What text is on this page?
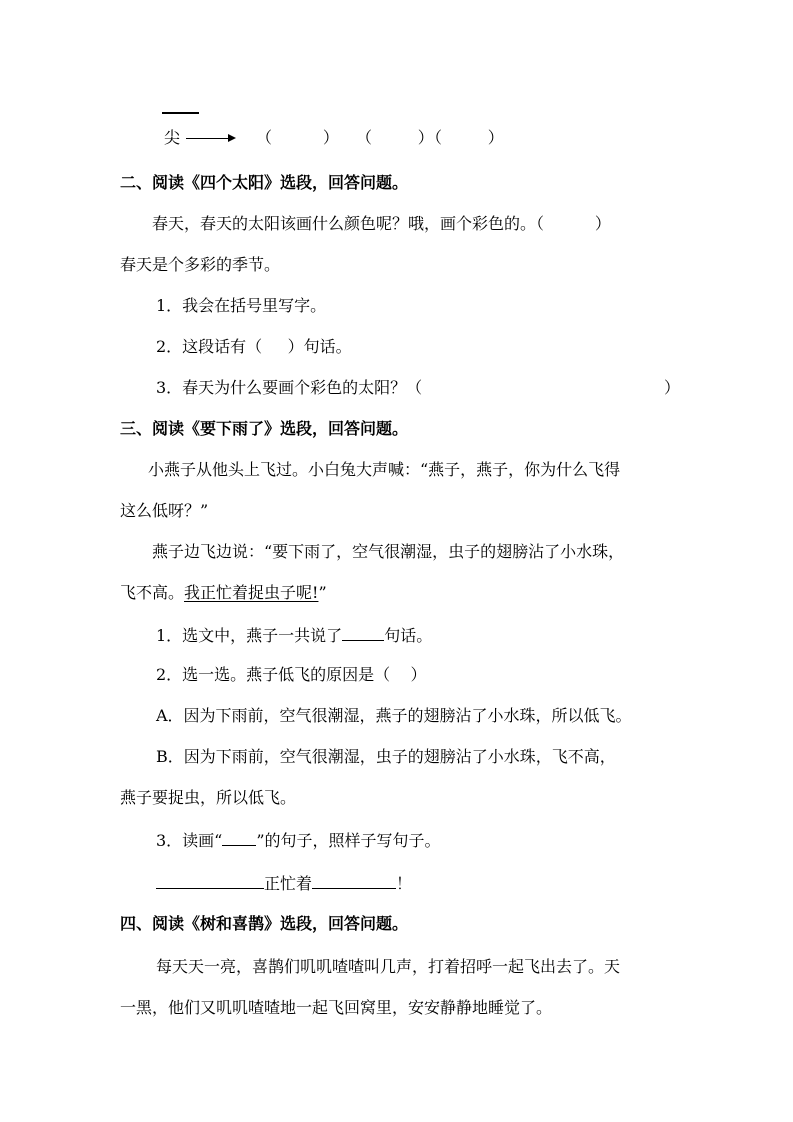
尖	（          ） （         ）
（         ）
二、阅读《四个太阳》选段，回答问题。
春天，春天的太阳该画什么颜色呢？哦，画个彩色的。（          ）
春天是个多彩的季节。
1．我会在括号里写字。
2．这段话有（     ）句话。
3．春天为什么要画个彩色的太阳？（	）
三、阅读《要下雨了》选段，回答问题。
小燕子从他头上飞过。小白兔大声喊：“燕子，燕子，你为什么飞得
这么低呀？”
燕子边飞边说：“要下雨了，空气很潮湿，虫子的翅膀沾了小水珠，
飞不高。我正忙着捉虫子呢!”
1．选文中，燕子一共说了	句话。
2．选一选。燕子低飞的原因是（    ）
A．因为下雨前，空气很潮湿，燕子的翅膀沾了小水珠，所以低飞。
B．因为下雨前，空气很潮湿，虫子的翅膀沾了小水珠，飞不高，
燕子要捉虫，所以低飞。
3．读画“ ”的句子，照样子写句子。
正忙着	！
四、阅读《树和喜鹊》选段，回答问题。
每天天一亮，喜鹊们叽叽喳喳叫几声，打着招呼一起飞出去了。天
一黑，他们又叽叽喳喳地一起飞回窝里，安安静静地睡觉了。
